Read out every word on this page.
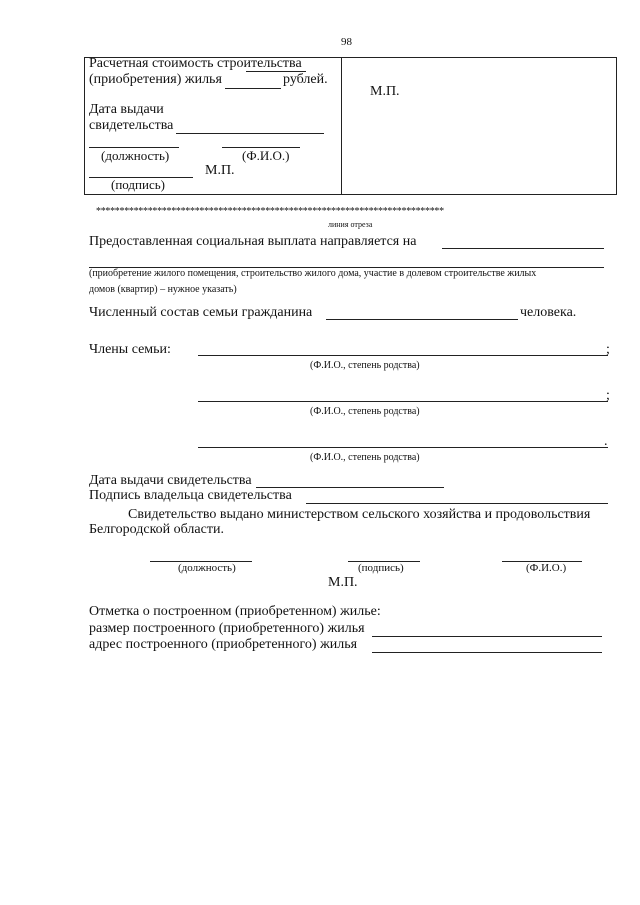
98
Расчетная стоимость строительства
(приобретения) жилья	рублей.
Дата выдачи
свидетельства
(должность)	(Ф.И.О.)
М.П.
(подпись)
М.П.
**************************************************************************
линия отреза
Предоставленная социальная выплата направляется на
(приобретение жилого помещения, строительство жилого дома, участие в долевом строительстве жилых
домов (квартир) – нужное указать)
Численный состав семьи гражданина	человека.
Члены семьи:	;
(Ф.И.О., степень родства)
;
(Ф.И.О., степень родства)
.
(Ф.И.О., степень родства)
Дата выдачи свидетельства
Подпись владельца свидетельства
Свидетельство выдано министерством сельского хозяйства и продовольствия
Белгородской области.
(должность)	(подпись)	(Ф.И.О.)
М.П.
Отметка о построенном (приобретенном) жилье:
размер построенного (приобретенного) жилья
адрес построенного (приобретенного) жилья
